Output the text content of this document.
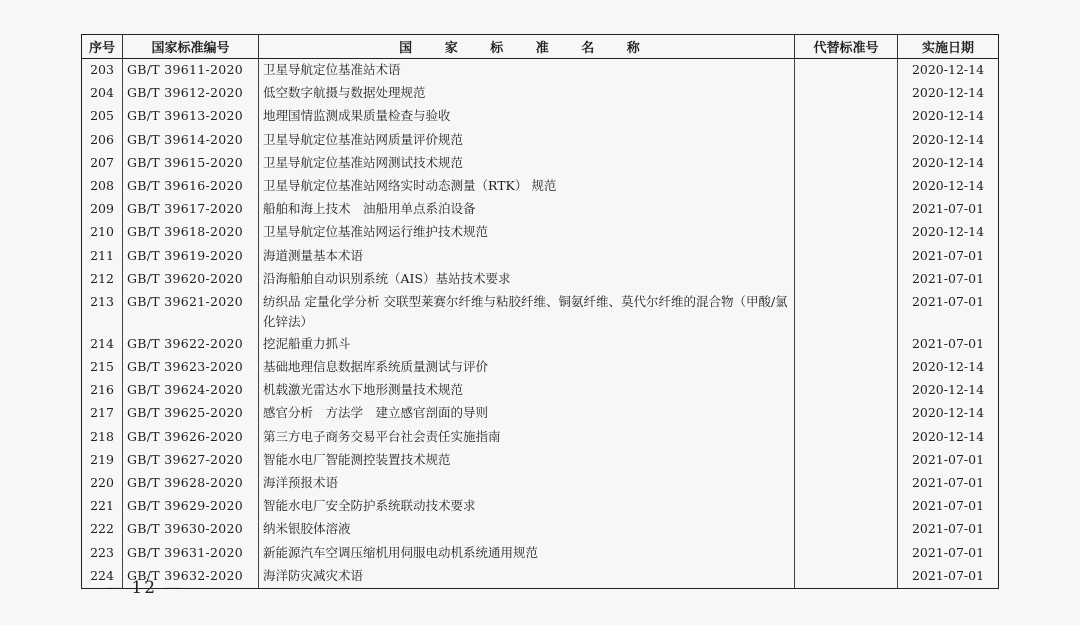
序号	国家标准编号	国 家 标 准 名 称	代替标准号	实施日期
203	GB/T 39611-2020	卫星导航定位基准站术语		2020-12-14
204	GB/T 39612-2020	低空数字航摄与数据处理规范		2020-12-14
205	GB/T 39613-2020	地理国情监测成果质量检查与验收		2020-12-14
206	GB/T 39614-2020	卫星导航定位基准站网质量评价规范		2020-12-14
207	GB/T 39615-2020	卫星导航定位基准站网测试技术规范		2020-12-14
208	GB/T 39616-2020	卫星导航定位基准站网络实时动态测量（RTK） 规范		2020-12-14
209	GB/T 39617-2020	船舶和海上技术　油船用单点系泊设备		2021-07-01
210	GB/T 39618-2020	卫星导航定位基准站网运行维护技术规范		2020-12-14
211	GB/T 39619-2020	海道测量基本术语		2021-07-01
212	GB/T 39620-2020	沿海船舶自动识别系统（AIS）基站技术要求		2021-07-01
213	GB/T 39621-2020	纺织品 定量化学分析 交联型莱赛尔纤维与粘胶纤维、铜氨纤维、莫代尔纤维的混合物（甲酸/氯化锌法）		2021-07-01
214	GB/T 39622-2020	挖泥船重力抓斗		2021-07-01
215	GB/T 39623-2020	基础地理信息数据库系统质量测试与评价		2020-12-14
216	GB/T 39624-2020	机载激光雷达水下地形测量技术规范		2020-12-14
217	GB/T 39625-2020	感官分析　方法学　建立感官剖面的导则		2020-12-14
218	GB/T 39626-2020	第三方电子商务交易平台社会责任实施指南		2020-12-14
219	GB/T 39627-2020	智能水电厂智能测控装置技术规范		2021-07-01
220	GB/T 39628-2020	海洋预报术语		2021-07-01
221	GB/T 39629-2020	智能水电厂安全防护系统联动技术要求		2021-07-01
222	GB/T 39630-2020	纳米银胶体溶液		2021-07-01
223	GB/T 39631-2020	新能源汽车空调压缩机用伺服电动机系统通用规范		2021-07-01
224	GB/T 39632-2020	海洋防灾减灾术语		2021-07-01
— 12 —
